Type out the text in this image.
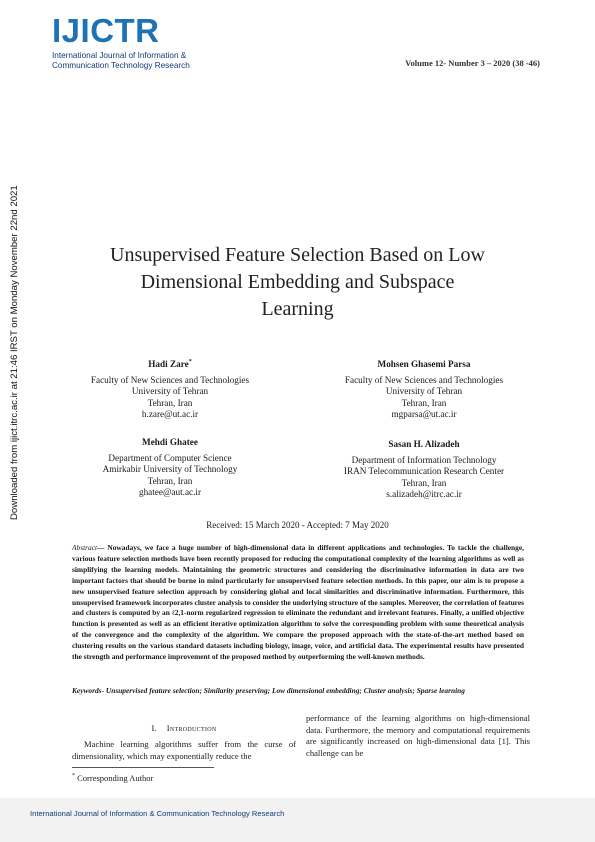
IJICTR
International Journal of Information &
Communication Technology Research	Volume 12- Number 3 – 2020 (38 -46)
Downloaded from ijict.itrc.ac.ir at 21:46 IRST on Monday November 22nd 2021	Unsupervised Feature Selection Based on Low
Dimensional Embedding and Subspace
Learning
Hadi Zare*
Faculty of New Sciences and Technologies
University of Tehran
Tehran, Iran
h.zare@ut.ac.ir
Mohsen Ghasemi Parsa
Faculty of New Sciences and Technologies
University of Tehran
Tehran, Iran
mgparsa@ut.ac.ir
Mehdi Ghatee
Department of Computer Science
Amirkabir University of Technology
Tehran, Iran
ghatee@aut.ac.ir
Sasan H. Alizadeh
Department of Information Technology
IRAN Telecommunication Research Center
Tehran, Iran
s.alizadeh@itrc.ac.ir
Received: 15 March 2020 - Accepted: 7 May 2020
Abstract— Nowadays, we face a huge number of high-dimensional data in different applications and technologies. To tackle the challenge, various feature selection methods have been recently proposed for reducing the computational complexity of the learning algorithms as well as simplifying the learning models. Maintaining the geometric structures and considering the discriminative information in data are two important factors that should be borne in mind particularly for unsupervised feature selection methods. In this paper, our aim is to propose a new unsupervised feature selection approach by considering global and local similarities and discriminative information. Furthermore, this unsupervised framework incorporates cluster analysis to consider the underlying structure of the samples. Moreover, the correlation of features and clusters is computed by an ℓ2,1-norm regularized regression to eliminate the redundant and irrelevant features. Finally, a unified objective function is presented as well as an efficient iterative optimization algorithm to solve the corresponding problem with some theoretical analysis of the convergence and the complexity of the algorithm. We compare the proposed approach with the state-of-the-art method based on clustering results on the various standard datasets including biology, image, voice, and artificial data. The experimental results have presented the strength and performance improvement of the proposed method by outperforming the well-known methods.
Keywords- Unsupervised feature selection; Similarity preserving; Low dimensional embedding; Cluster analysis; Sparse learning
I. Introduction
Machine learning algorithms suffer from the curse of dimensionality, which may exponentially reduce the
performance of the learning algorithms on high-dimensional data. Furthermore, the memory and computational requirements are significantly increased on high-dimensional data [1]. This challenge can be
* Corresponding Author
International Journal of Information & Communication Technology Research
